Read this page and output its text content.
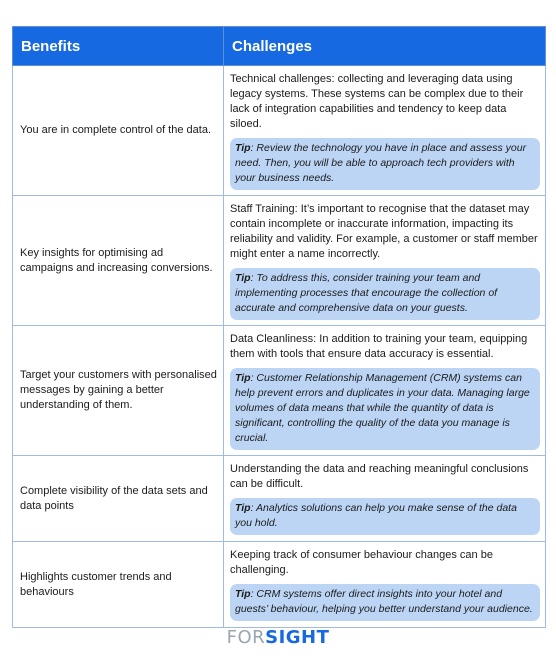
Benefits	Challenges
You are in complete control of the data.	Technical challenges: collecting and leveraging data using legacy systems. These systems can be complex due to their lack of integration capabilities and tendency to keep data siloed.
Tip: Review the technology you have in place and assess your need. Then, you will be able to approach tech providers with your business needs.

Key insights for optimising ad campaigns and increasing conversions.	Staff Training: It’s important to recognise that the dataset may contain incomplete or inaccurate information, impacting its reliability and validity. For example, a customer or staff member might enter a name incorrectly.
Tip: To address this, consider training your team and implementing processes that encourage the collection of accurate and comprehensive data on your guests.

Target your customers with personalised messages by gaining a better understanding of them.	Data Cleanliness: In addition to training your team, equipping them with tools that ensure data accuracy is essential.
Tip: Customer Relationship Management (CRM) systems can help prevent errors and duplicates in your data. Managing large volumes of data means that while the quantity of data is significant, controlling the quality of the data you manage is crucial.

Complete visibility of the data sets and data points	Understanding the data and reaching meaningful conclusions can be difficult.
Tip: Analytics solutions can help you make sense of the data you hold.

Highlights customer trends and behaviours	Keeping track of consumer behaviour changes can be challenging.
Tip: CRM systems offer direct insights into your hotel and guests’ behaviour, helping you better understand your audience.
FORSIGHT
